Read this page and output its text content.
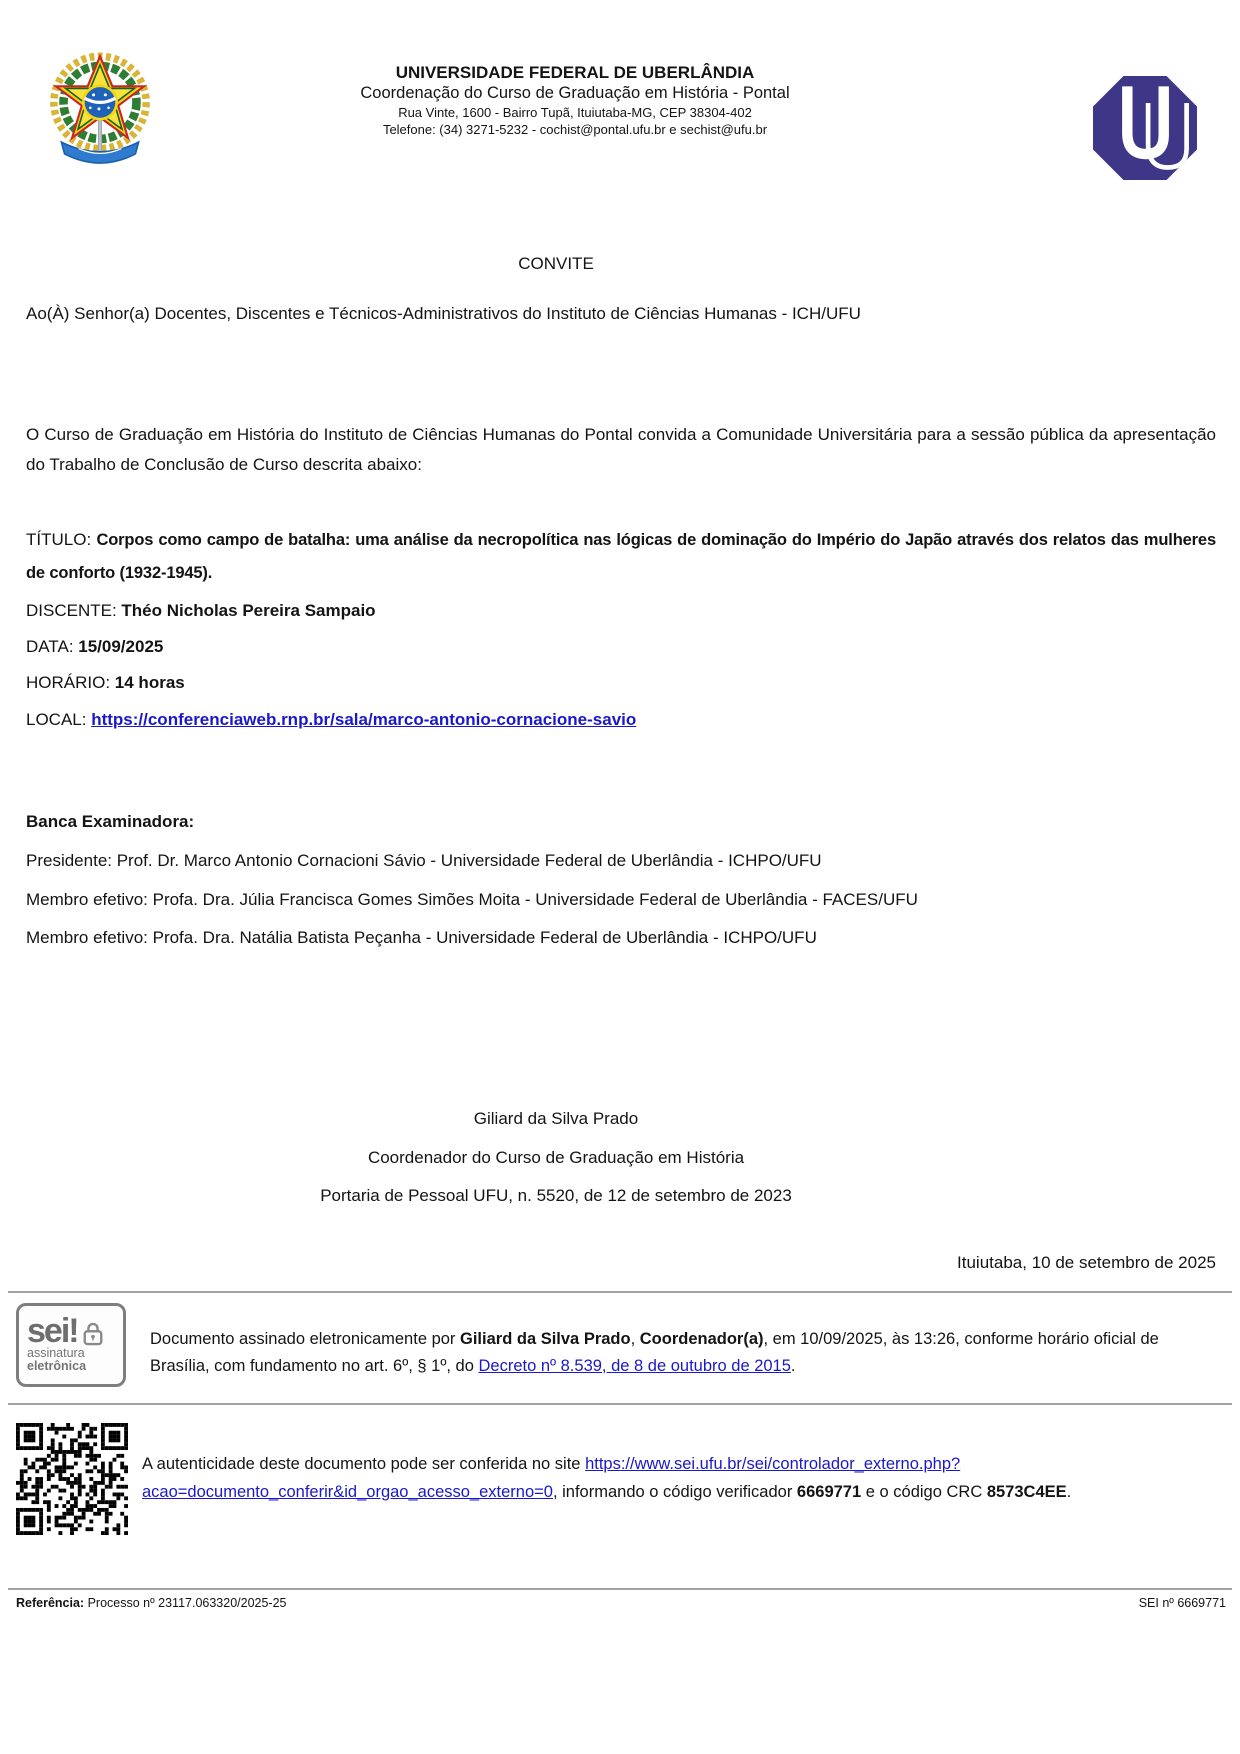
UNIVERSIDADE FEDERAL DE UBERLÂNDIA
Coordenação do Curso de Graduação em História - Pontal
Rua Vinte, 1600 - Bairro Tupã, Ituiutaba-MG, CEP 38304-402
Telefone: (34) 3271-5232 - cochist@pontal.ufu.br e sechist@ufu.br
CONVITE
Ao(À) Senhor(a) Docentes, Discentes e Técnicos-Administrativos do Instituto de Ciências Humanas - ICH/UFU

O Curso de Graduação em História do Instituto de Ciências Humanas do Pontal convida a Comunidade Universitária para a sessão pública da apresentação do Trabalho de Conclusão de Curso descrita abaixo:

TÍTULO: Corpos como campo de batalha: uma análise da necropolítica nas lógicas de dominação do Império do Japão através dos relatos das mulheres de conforto (1932-1945).

DISCENTE: Théo Nicholas Pereira Sampaio
DATA: 15/09/2025
HORÁRIO: 14 horas
LOCAL: https://conferenciaweb.rnp.br/sala/marco-antonio-cornacione-savio
Banca Examinadora:
Presidente: Prof. Dr. Marco Antonio Cornacioni Sávio - Universidade Federal de Uberlândia - ICHPO/UFU
Membro efetivo: Profa. Dra. Júlia Francisca Gomes Simões Moita - Universidade Federal de Uberlândia - FACES/UFU
Membro efetivo: Profa. Dra. Natália Batista Peçanha - Universidade Federal de Uberlândia - ICHPO/UFU

Giliard da Silva Prado

Coordenador do Curso de Graduação em História

Portaria de Pessoal UFU, n. 5520, de 12 de setembro de 2023

Ituiutaba, 10 de setembro de 2025
sei!
assinatura
eletrônica

Documento assinado eletronicamente por Giliard da Silva Prado, Coordenador(a), em 10/09/2025, às 13:26, conforme horário oficial de Brasília, com fundamento no art. 6º, § 1º, do Decreto nº 8.539, de 8 de outubro de 2015.

A autenticidade deste documento pode ser conferida no site https://www.sei.ufu.br/sei/controlador_externo.php?acao=documento_conferir&id_orgao_acesso_externo=0, informando o código verificador 6669771 e o código CRC 8573C4EE.

Referência: Processo nº 23117.063320/2025-25	SEI nº 6669771
